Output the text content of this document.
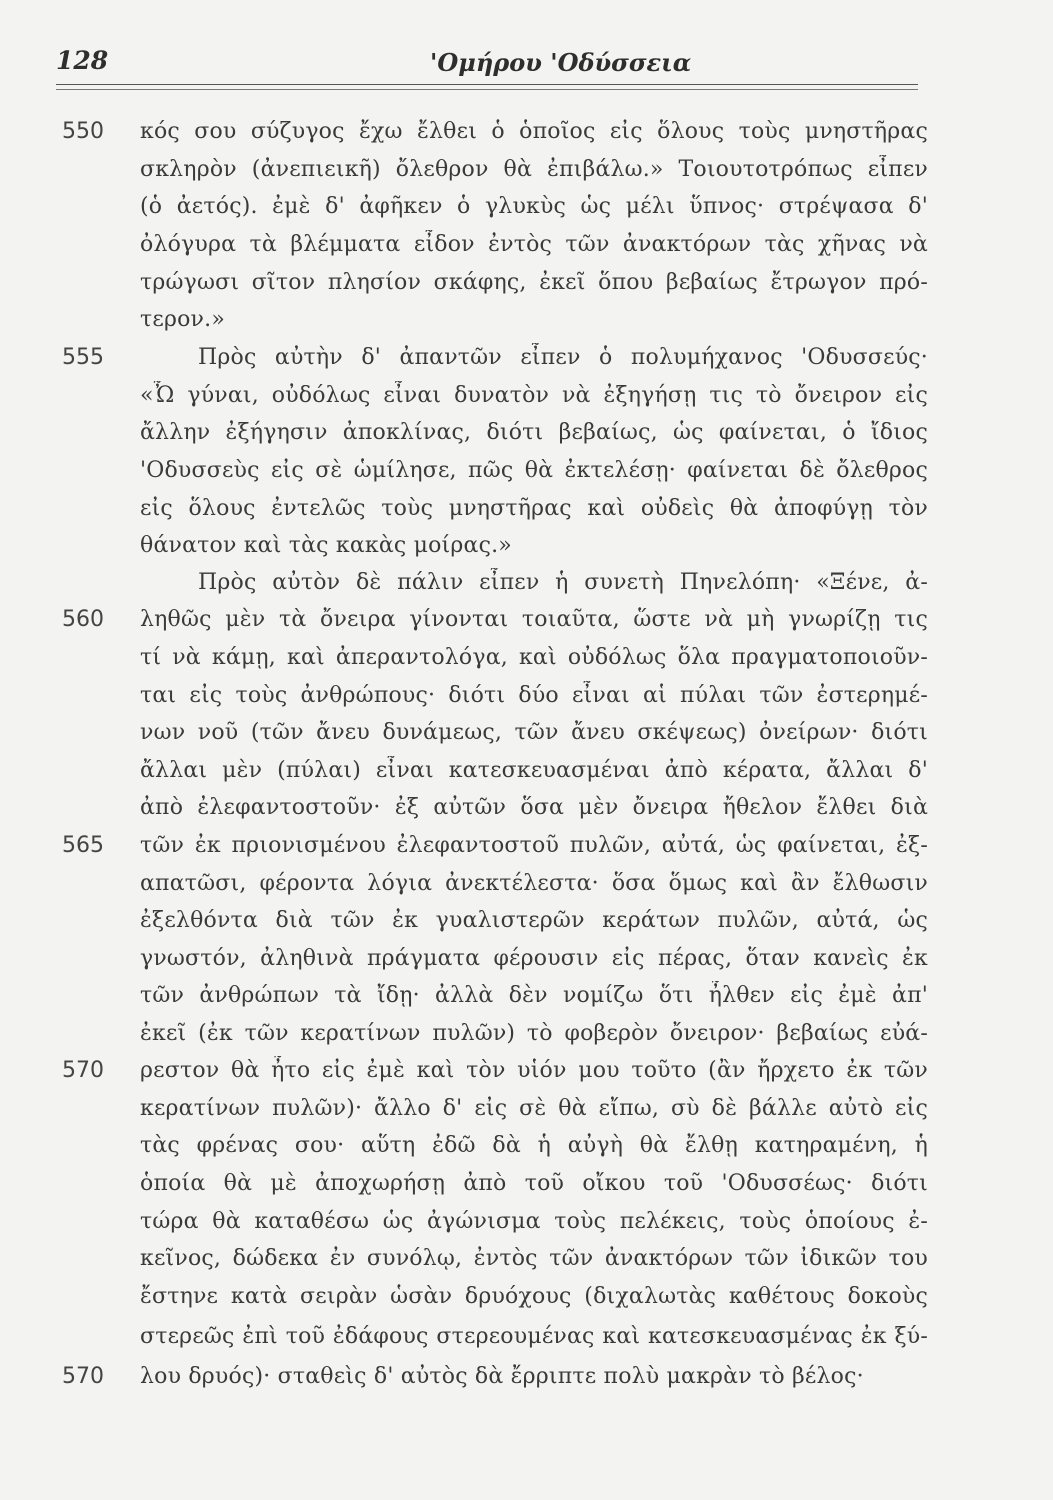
128	'Ομήρου 'Οδύσσεια
550
555
560
565
570
570
κός σου σύζυγος ἔχω ἔλθει ὁ ὁποῖος εἰς ὅλους τοὺς μνηστῆρας
σκληρὸν (ἀνεπιεικῆ) ὄλεθρον θὰ ἐπιβάλω.» Τοιουτοτρόπως εἶπεν
(ὁ ἀετός). ἐμὲ δ' ἀφῆκεν ὁ γλυκὺς ὡς μέλι ὕπνος· στρέψασα δ'
ὀλόγυρα τὰ βλέμματα εἶδον ἐντὸς τῶν ἀνακτόρων τὰς χῆνας νὰ
τρώγωσι σῖτον πλησίον σκάφης, ἐκεῖ ὅπου βεβαίως ἔτρωγον πρό-
τερον.»
Πρὸς αὐτὴν δ' ἀπαντῶν εἶπεν ὁ πολυμήχανος 'Οδυσσεύς·
«Ὦ γύναι, οὐδόλως εἶναι δυνατὸν νὰ ἐξηγήσῃ τις τὸ ὄνειρον εἰς
ἄλλην ἐξήγησιν ἀποκλίνας, διότι βεβαίως, ὡς φαίνεται, ὁ ἴδιος
'Οδυσσεὺς εἰς σὲ ὡμίλησε, πῶς θὰ ἐκτελέσῃ· φαίνεται δὲ ὄλεθρος
εἰς ὅλους ἐντελῶς τοὺς μνηστῆρας καὶ οὐδεὶς θὰ ἀποφύγῃ τὸν
θάνατον καὶ τὰς κακὰς μοίρας.»
Πρὸς αὐτὸν δὲ πάλιν εἶπεν ἡ συνετὴ Πηνελόπη· «Ξένε, ἀ-
ληθῶς μὲν τὰ ὄνειρα γίνονται τοιαῦτα, ὥστε νὰ μὴ γνωρίζῃ τις
τί νὰ κάμῃ, καὶ ἀπεραντολόγα, καὶ οὐδόλως ὅλα πραγματοποιοῦν-
ται εἰς τοὺς ἀνθρώπους· διότι δύο εἶναι αἱ πύλαι τῶν ἐστερημέ-
νων νοῦ (τῶν ἄνευ δυνάμεως, τῶν ἄνευ σκέψεως) ὀνείρων· διότι
ἄλλαι μὲν (πύλαι) εἶναι κατεσκευασμέναι ἀπὸ κέρατα, ἄλλαι δ'
ἀπὸ ἐλεφαντοστοῦν· ἐξ αὐτῶν ὅσα μὲν ὄνειρα ἤθελον ἔλθει διὰ
τῶν ἐκ πριονισμένου ἐλεφαντοστοῦ πυλῶν, αὐτά, ὡς φαίνεται, ἐξ-
απατῶσι, φέροντα λόγια ἀνεκτέλεστα· ὅσα ὅμως καὶ ἂν ἔλθωσιν
ἐξελθόντα διὰ τῶν ἐκ γυαλιστερῶν κεράτων πυλῶν, αὐτά, ὡς
γνωστόν, ἀληθινὰ πράγματα φέρουσιν εἰς πέρας, ὅταν κανεὶς ἐκ
τῶν ἀνθρώπων τὰ ἴδῃ· ἀλλὰ δὲν νομίζω ὅτι ἦλθεν εἰς ἐμὲ ἀπ'
ἐκεῖ (ἐκ τῶν κερατίνων πυλῶν) τὸ φοβερὸν ὄνειρον· βεβαίως εὐά-
ρεστον θὰ ἦτο εἰς ἐμὲ καὶ τὸν υἱόν μου τοῦτο (ἂν ἤρχετο ἐκ τῶν
κερατίνων πυλῶν)· ἄλλο δ' εἰς σὲ θὰ εἴπω, σὺ δὲ βάλλε αὐτὸ εἰς
τὰς φρένας σου· αὕτη ἐδῶ δὰ ἡ αὐγὴ θὰ ἔλθῃ κατηραμένη, ἡ
ὁποία θὰ μὲ ἀποχωρήσῃ ἀπὸ τοῦ οἴκου τοῦ 'Οδυσσέως· διότι
τώρα θὰ καταθέσω ὡς ἀγώνισμα τοὺς πελέκεις, τοὺς ὁποίους ἐ-
κεῖνος, δώδεκα ἐν συνόλῳ, ἐντὸς τῶν ἀνακτόρων τῶν ἰδικῶν του
ἔστηνε κατὰ σειρὰν ὡσὰν δρυόχους (διχαλωτὰς καθέτους δοκοὺς
στερεῶς ἐπὶ τοῦ ἐδάφους στερεουμένας καὶ κατεσκευασμένας ἐκ ξύ-
λου δρυός)· σταθεὶς δ' αὐτὸς δὰ ἔρριπτε πολὺ μακρὰν τὸ βέλος·
